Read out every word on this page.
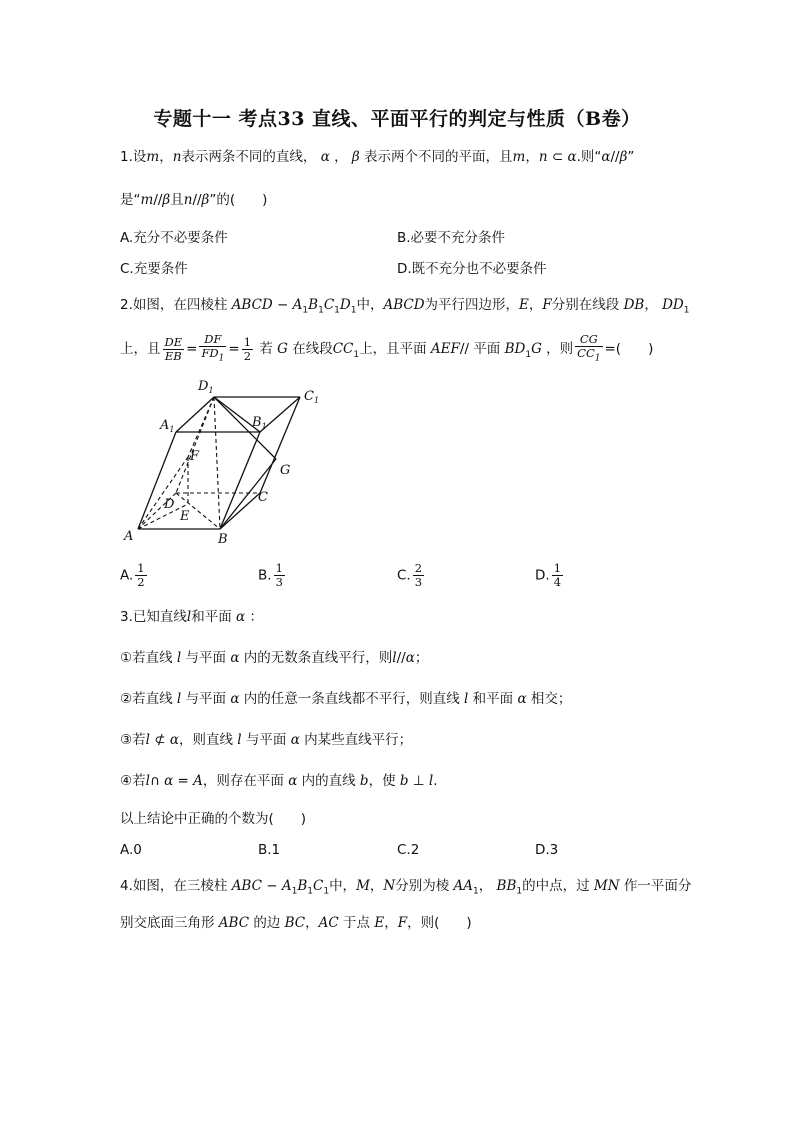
专题十一 考点33 直线、平面平行的判定与性质（B卷）
1.设m，n表示两条不同的直线， α ， β 表示两个不同的平面，且m，n ⊂ α.则“α//β”
是“m//β且n//β”的(　　)
A.充分不必要条件	B.必要不充分条件
C.充要条件	D.既不充分也不必要条件
2.如图，在四棱柱 ABCD − $A_1B_1C_1D_1$中，ABCD为平行四边形，E，F分别在线段 DB， $DD_1$
上，且 $\frac{DE}{EB} = \frac{DF}{FD_1} = \frac{1}{2}$ 若 G 在线段$CC_1$上，且平面 AEF// 平面 $BD_1G$ ，则 $\frac{CG}{CC_1}$ =(　　)
$D_1$	$C_1$
$A_1$	$B_1$
F
G
D	C
E
A	B
A. $\frac{1}{2}$	B. $\frac{1}{3}$	C. $\frac{2}{3}$	D. $\frac{1}{4}$
3.已知直线l和平面 α ：
①若直线 l 与平面 α 内的无数条直线平行，则l//α；
②若直线 l 与平面 α 内的任意一条直线都不平行，则直线 l 和平面 α 相交；
③若l ⊄ α，则直线 l 与平面 α 内某些直线平行；
④若l∩ α = A，则存在平面 α 内的直线 b，使 b ⊥ l.
以上结论中正确的个数为(　　)
A.0	B.1	C.2	D.3
4.如图，在三棱柱 ABC − $A_1B_1C_1$中，M，N分别为棱 $AA_1$， $BB_1$的中点，过 MN 作一平面分
别交底面三角形 ABC 的边 BC，AC 于点 E，F，则(　　)
